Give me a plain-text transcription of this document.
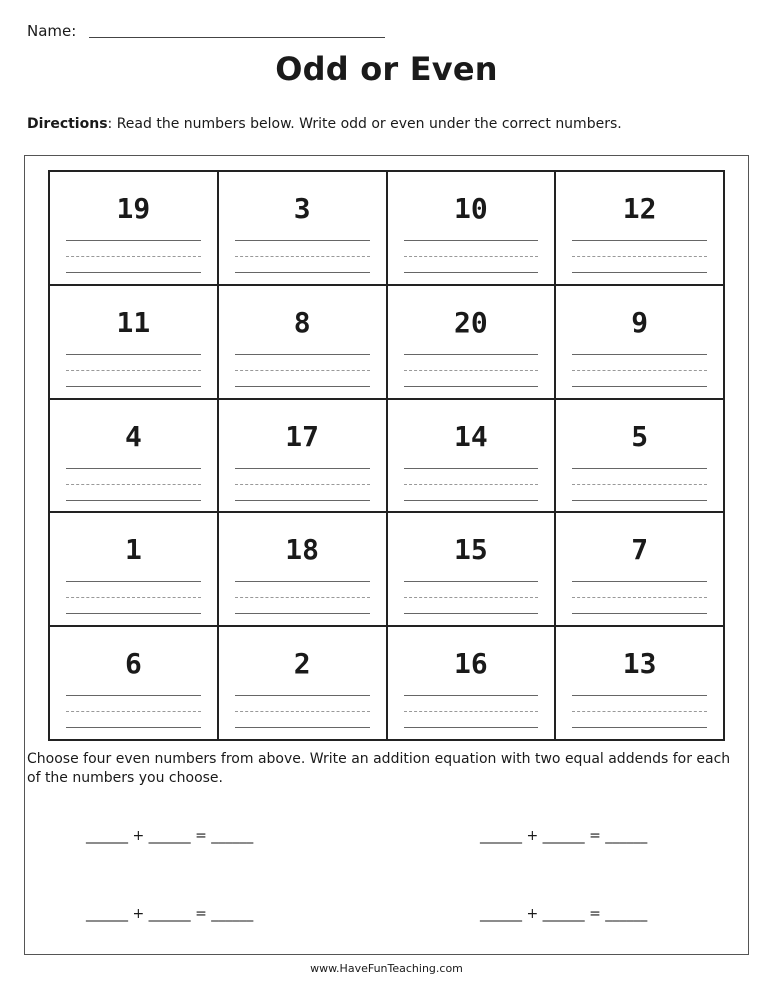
Name:
Odd or Even
Directions: Read the numbers below. Write odd or even under the correct numbers.
19	3	10	12
11	8	20	9
4	17	14	5
1	18	15	7
6	2	16	13
Choose four even numbers from above. Write an addition equation with two equal addends for each of the numbers you choose.
______ + ______ = ______	______ + ______ = ______
______ + ______ = ______	______ + ______ = ______
www.HaveFunTeaching.com
